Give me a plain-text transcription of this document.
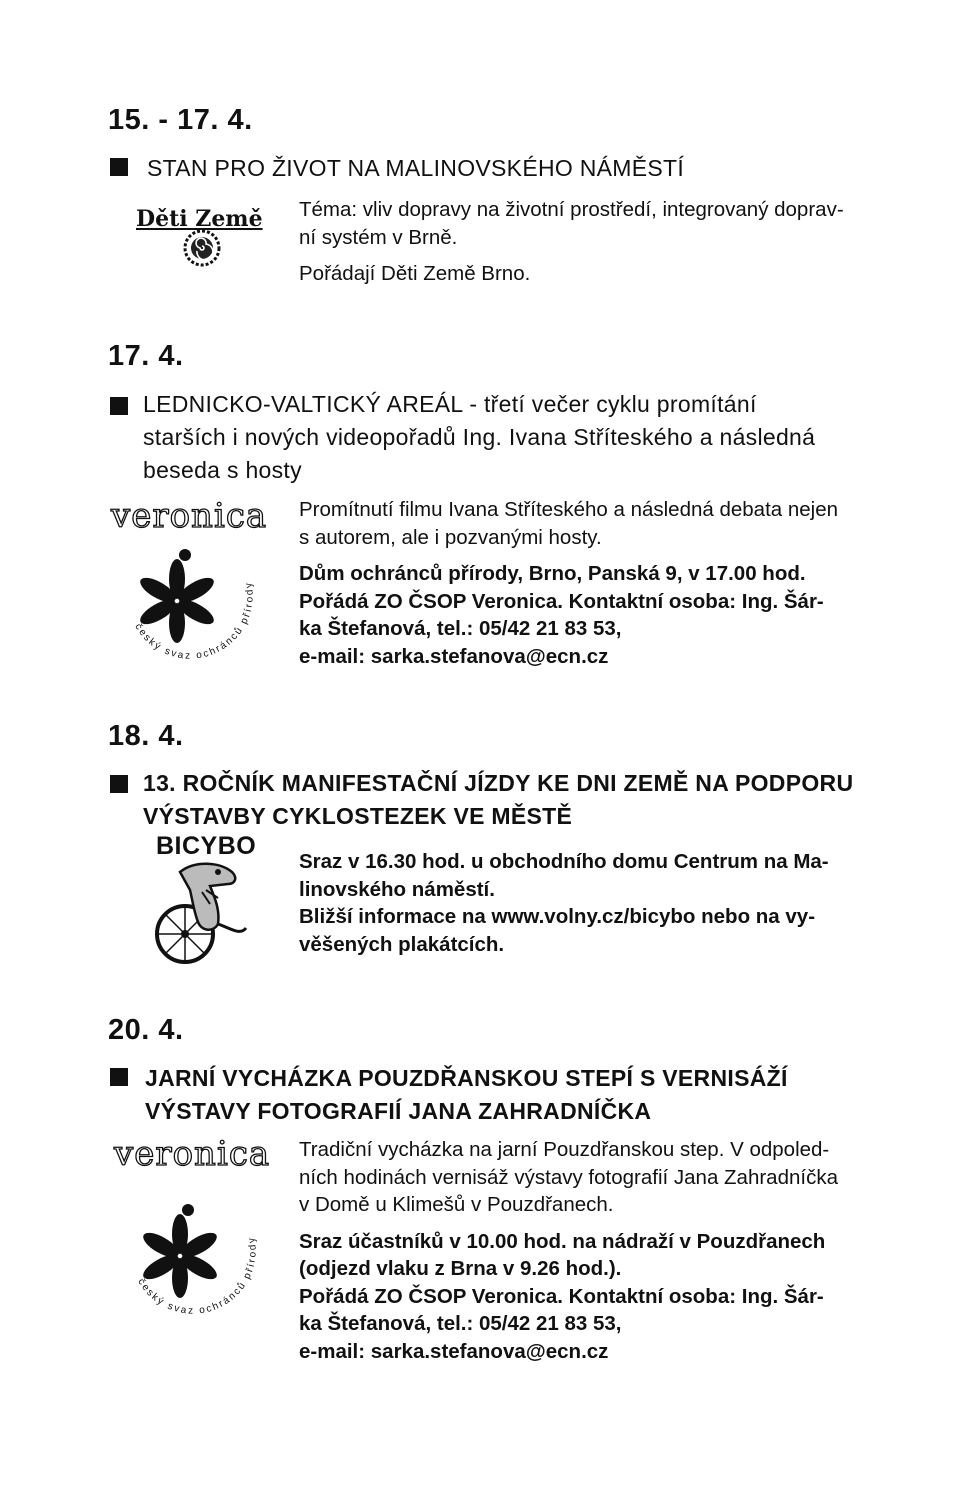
15. - 17. 4.
STAN PRO ŽIVOT NA MALINOVSKÉHO NÁMĚSTÍ
Děti Země Téma: vliv dopravy na životní prostředí, integrovaný doprav-

ní systém v Brně.

Pořádají Děti Země Brno.

17. 4.
LEDNICKO-VALTICKÝ AREÁL - třetí večer cyklu promítání
starších i nových videopořadů Ing. Ivana Stříteského a následná
beseda s hosty
veronica
český svaz ochránců přírody

Promítnutí filmu Ivana Stříteského a následná debata nejen

s autorem, ale i pozvanými hosty.

Dům ochránců přírody, Brno, Panská 9, v 17.00 hod.

Pořádá ZO ČSOP Veronica. Kontaktní osoba: Ing. Šár-

ka Štefanová, tel.: 05/42 21 83 53,

e-mail: sarka.stefanova@ecn.cz

18. 4.
13. ROČNÍK MANIFESTAČNÍ JÍZDY KE DNI ZEMĚ NA PODPORU
VÝSTAVBY CYKLOSTEZEK VE MĚSTĚ
BICYBO

Sraz v 16.30 hod. u obchodního domu Centrum na Ma-

linovského náměstí.

Bližší informace na www.volny.cz/bicybo nebo na vy-

věšených plakátcích.

20. 4.
JARNÍ VYCHÁZKA POUZDŘANSKOU STEPÍ S VERNISÁŽÍ
VÝSTAVY FOTOGRAFIÍ JANA ZAHRADNÍČKA
veronica
český svaz ochránců přírody

Tradiční vycházka na jarní Pouzdřanskou step. V odpoled-

ních hodinách vernisáž výstavy fotografií Jana Zahradníčka

v Domě u Klimešů v Pouzdřanech.

Sraz účastníků v 10.00 hod. na nádraží v Pouzdřanech

(odjezd vlaku z Brna v 9.26 hod.).

Pořádá ZO ČSOP Veronica. Kontaktní osoba: Ing. Šár-

ka Štefanová, tel.: 05/42 21 83 53,

e-mail: sarka.stefanova@ecn.cz
